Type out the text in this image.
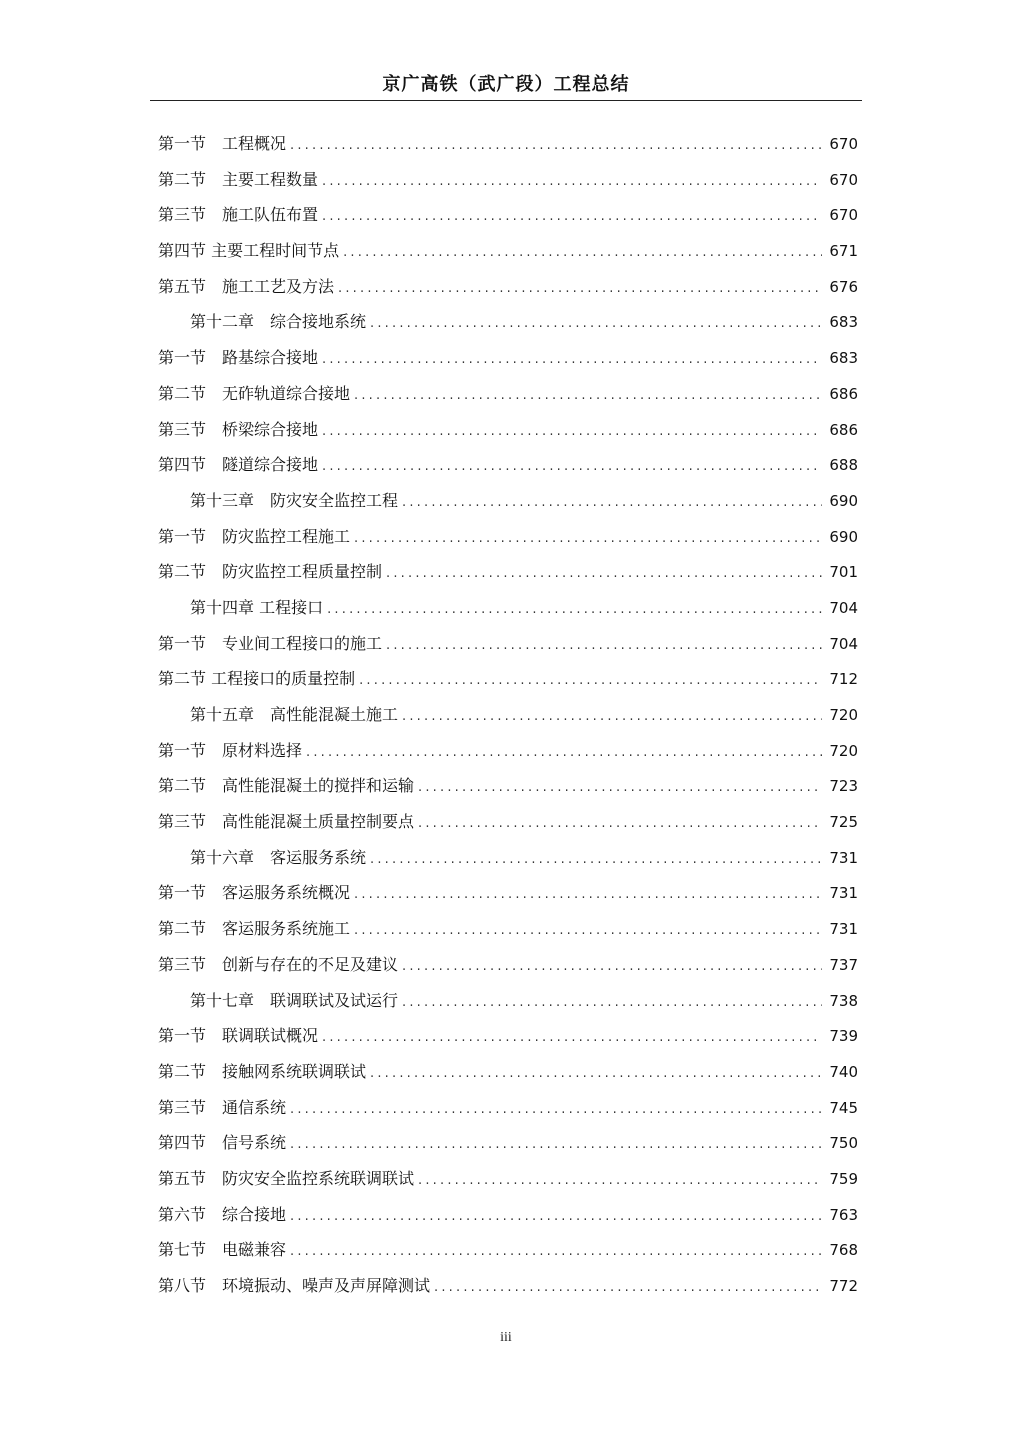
京广高铁（武广段）工程总结
第一节　工程概况 .....	670
第二节　主要工程数量 .....	670
第三节　施工队伍布置 .....	670
第四节 主要工程时间节点 .....	671
第五节　施工工艺及方法 .....	676
第十二章　综合接地系统 .....	683
第一节　路基综合接地 .....	683
第二节　无砟轨道综合接地 .....	686
第三节　桥梁综合接地 .....	686
第四节　隧道综合接地 .....	688
第十三章　防灾安全监控工程 .....	690
第一节　防灾监控工程施工 .....	690
第二节　防灾监控工程质量控制 .....	701
第十四章 工程接口 .....	704
第一节　专业间工程接口的施工 .....	704
第二节 工程接口的质量控制 .....	712
第十五章　高性能混凝土施工 .....	720
第一节　原材料选择 .....	720
第二节　高性能混凝土的搅拌和运输 .....	723
第三节　高性能混凝土质量控制要点 .....	725
第十六章　客运服务系统 .....	731
第一节　客运服务系统概况 .....	731
第二节　客运服务系统施工 .....	731
第三节　创新与存在的不足及建议 .....	737
第十七章　联调联试及试运行 .....	738
第一节　联调联试概况 .....	739
第二节　接触网系统联调联试 .....	740
第三节　通信系统 .....	745
第四节　信号系统 .....	750
第五节　防灾安全监控系统联调联试 .....	759
第六节　综合接地 .....	763
第七节　电磁兼容 .....	768
第八节　环境振动、噪声及声屏障测试 .....	772
iii
